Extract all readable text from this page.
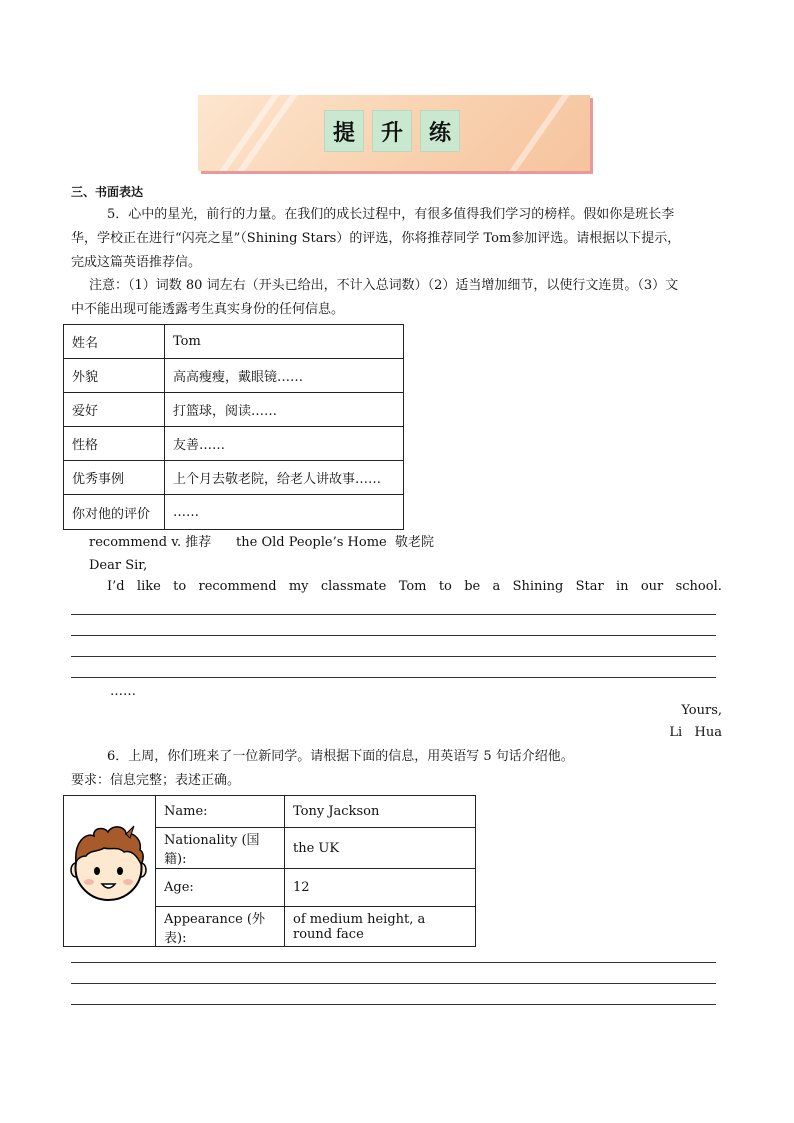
提	升	练
三、书面表达
5．心中的星光，前行的力量。在我们的成长过程中，有很多值得我们学习的榜样。假如你是班长李
华，学校正在进行“闪亮之星”（Shining Stars）的评选，你将推荐同学 Tom参加评选。请根据以下提示，
完成这篇英语推荐信。
注意：（1）词数 80 词左右（开头已给出，不计入总词数）（2）适当增加细节，以使行文连贯。（3）文
中不能出现可能透露考生真实身份的任何信息。
姓名	Tom
外貌	高高瘦瘦，戴眼镜……
爱好	打篮球，阅读……
性格	友善……
优秀事例	上个月去敬老院，给老人讲故事……
你对他的评价	……
recommend v. 推荐      the Old People’s Home  敬老院
Dear Sir,
I’d like to recommend my classmate Tom to be a Shining Star in our school.
……
Yours,
Li   Hua
6．上周，你们班来了一位新同学。请根据下面的信息，用英语写 5 句话介绍他。
要求：信息完整；表述正确。
Name:	Tony Jackson
Nationality (国籍):	the UK
Age:	12
Appearance (外表):	of medium height, a round face
